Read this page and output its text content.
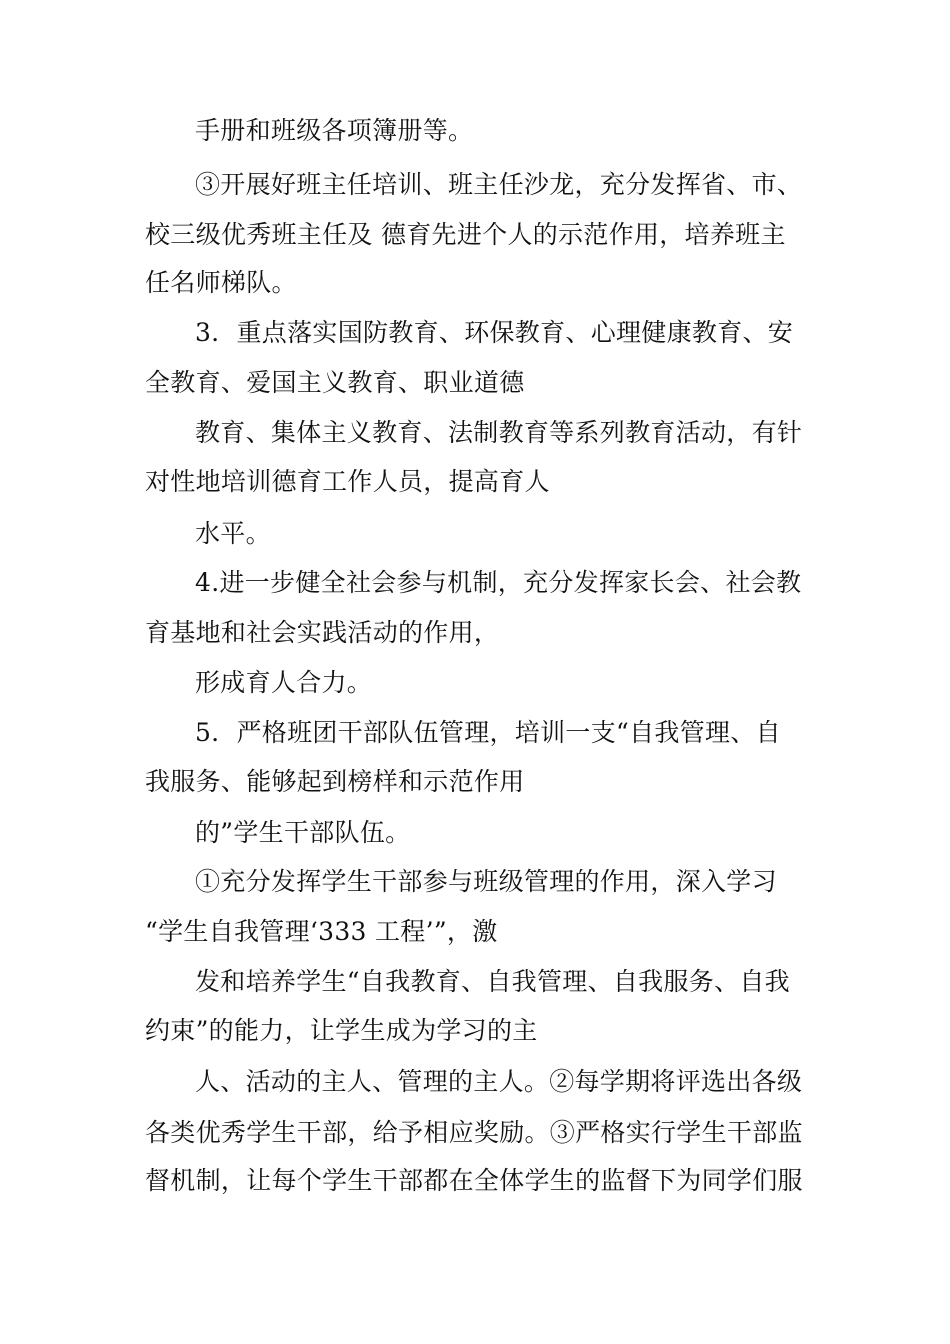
手册和班级各项簿册等。
③开展好班主任培训、班主任沙龙，充分发挥省、市、
校三级优秀班主任及 德育先进个人的示范作用，培养班主
任名师梯队。
3．重点落实国防教育、环保教育、心理健康教育、安
全教育、爱国主义教育、职业道德
教育、集体主义教育、法制教育等系列教育活动，有针
对性地培训德育工作人员，提高育人
水平。
4.进一步健全社会参与机制，充分发挥家长会、社会教
育基地和社会实践活动的作用，
形成育人合力。
5．严格班团干部队伍管理，培训一支“自我管理、自
我服务、能够起到榜样和示范作用
的”学生干部队伍。
①充分发挥学生干部参与班级管理的作用，深入学习
“学生自我管理‘333 工程’”，激
发和培养学生“自我教育、自我管理、自我服务、自我
约束”的能力，让学生成为学习的主
人、活动的主人、管理的主人。②每学期将评选出各级
各类优秀学生干部，给予相应奖励。③严格实行学生干部监
督机制，让每个学生干部都在全体学生的监督下为同学们服
